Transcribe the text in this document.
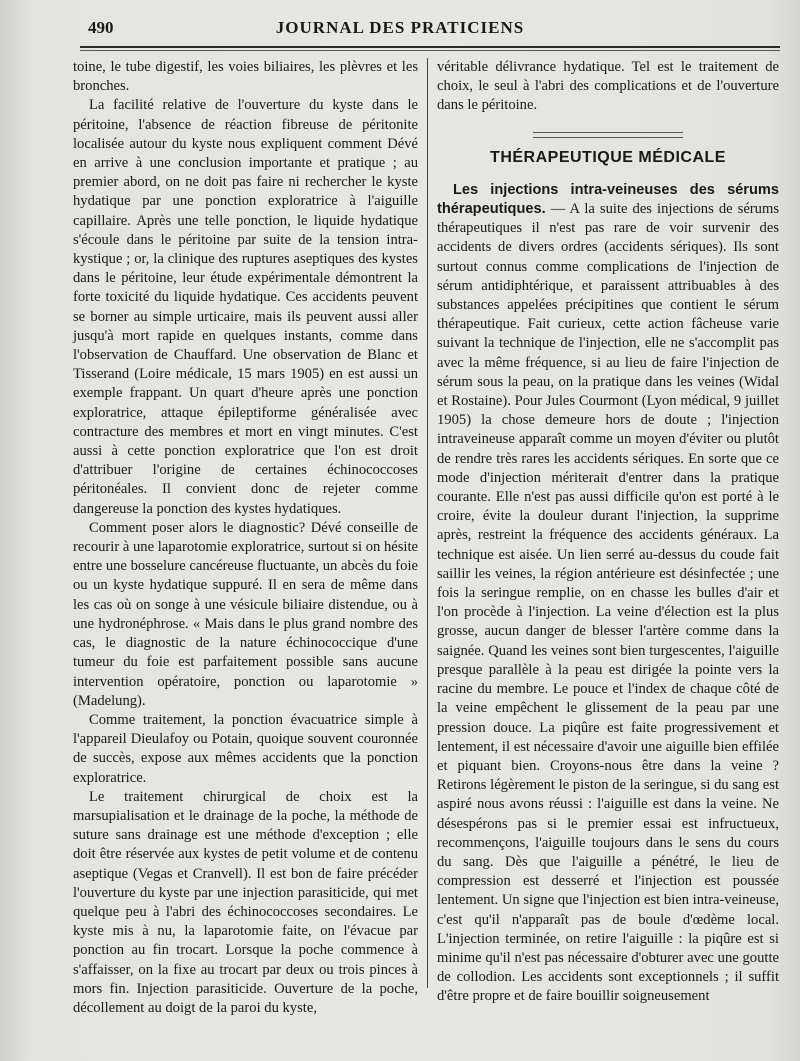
490	JOURNAL DES PRATICIENS

toine, le tube digestif, les voies biliaires, les plèvres et les bronches.

La facilité relative de l'ouverture du kyste dans le péritoine, l'absence de réaction fibreuse de péritonite localisée autour du kyste nous expliquent comment Dévé en arrive à une conclusion importante et pratique ; au premier abord, on ne doit pas faire ni rechercher le kyste hydatique par une ponction exploratrice à l'aiguille capillaire. Après une telle ponction, le liquide hydatique s'écoule dans le péritoine par suite de la tension intra-kystique ; or, la clinique des ruptures aseptiques des kystes dans le péritoine, leur étude expérimentale démontrent la forte toxicité du liquide hydatique. Ces accidents peuvent se borner au simple urticaire, mais ils peuvent aussi aller jusqu'à mort rapide en quelques instants, comme dans l'observation de Chauffard. Une observation de Blanc et Tisserand (Loire médicale, 15 mars 1905) en est aussi un exemple frappant. Un quart d'heure après une ponction exploratrice, attaque épileptiforme généralisée avec contracture des membres et mort en vingt minutes. C'est aussi à cette ponction exploratrice que l'on est droit d'attribuer l'origine de certaines échinococcoses péritonéales. Il convient donc de rejeter comme dangereuse la ponction des kystes hydatiques.

Comment poser alors le diagnostic? Dévé conseille de recourir à une laparotomie exploratrice, surtout si on hésite entre une bosselure cancéreuse fluctuante, un abcès du foie ou un kyste hydatique suppuré. Il en sera de même dans les cas où on songe à une vésicule biliaire distendue, ou à une hydronéphrose. « Mais dans le plus grand nombre des cas, le diagnostic de la nature échinococcique d'une tumeur du foie est parfaitement possible sans aucune intervention opératoire, ponction ou laparotomie » (Madelung).

Comme traitement, la ponction évacuatrice simple à l'appareil Dieulafoy ou Potain, quoique souvent couronnée de succès, expose aux mêmes accidents que la ponction exploratrice.

Le traitement chirurgical de choix est la marsupialisation et le drainage de la poche, la méthode de suture sans drainage est une méthode d'exception ; elle doit être réservée aux kystes de petit volume et de contenu aseptique (Vegas et Cranvell). Il est bon de faire précéder l'ouverture du kyste par une injection parasiticide, qui met quelque peu à l'abri des échinococcoses secondaires. Le kyste mis à nu, la laparotomie faite, on l'évacue par ponction au fin trocart. Lorsque la poche commence à s'affaisser, on la fixe au trocart par deux ou trois pinces à mors fin. Injection parasiticide. Ouverture de la poche, décollement au doigt de la paroi du kyste,

véritable délivrance hydatique. Tel est le traitement de choix, le seul à l'abri des complications et de l'ouverture dans le péritoine.

THÉRAPEUTIQUE MÉDICALE

Les injections intra-veineuses des sérums thérapeutiques. — A la suite des injections de sérums thérapeutiques il n'est pas rare de voir survenir des accidents de divers ordres (accidents sériques). Ils sont surtout connus comme complications de l'injection de sérum antidiphtérique, et paraissent attribuables à des substances appelées précipitines que contient le sérum thérapeutique. Fait curieux, cette action fâcheuse varie suivant la technique de l'injection, elle ne s'accomplit pas avec la même fréquence, si au lieu de faire l'injection de sérum sous la peau, on la pratique dans les veines (Widal et Rostaine). Pour Jules Courmont (Lyon médical, 9 juillet 1905) la chose demeure hors de doute ; l'injection intraveineuse apparaît comme un moyen d'éviter ou plutôt de rendre très rares les accidents sériques. En sorte que ce mode d'injection mériterait d'entrer dans la pratique courante. Elle n'est pas aussi difficile qu'on est porté à le croire, évite la douleur durant l'injection, la supprime après, restreint la fréquence des accidents généraux. La technique est aisée. Un lien serré au-dessus du coude fait saillir les veines, la région antérieure est désinfectée ; une fois la seringue remplie, on en chasse les bulles d'air et l'on procède à l'injection. La veine d'élection est la plus grosse, aucun danger de blesser l'artère comme dans la saignée. Quand les veines sont bien turgescentes, l'aiguille presque parallèle à la peau est dirigée la pointe vers la racine du membre. Le pouce et l'index de chaque côté de la veine empêchent le glissement de la peau par une pression douce. La piqûre est faite progressivement et lentement, il est nécessaire d'avoir une aiguille bien effilée et piquant bien. Croyons-nous être dans la veine ? Retirons légèrement le piston de la seringue, si du sang est aspiré nous avons réussi : l'aiguille est dans la veine. Ne désespérons pas si le premier essai est infructueux, recommençons, l'aiguille toujours dans le sens du cours du sang. Dès que l'aiguille a pénétré, le lieu de compression est desserré et l'injection est poussée lentement. Un signe que l'injection est bien intra-veineuse, c'est qu'il n'apparaît pas de boule d'œdème local. L'injection terminée, on retire l'aiguille : la piqûre est si minime qu'il n'est pas nécessaire d'obturer avec une goutte de collodion. Les accidents sont exceptionnels ; il suffit d'être propre et de faire bouillir soigneusement
